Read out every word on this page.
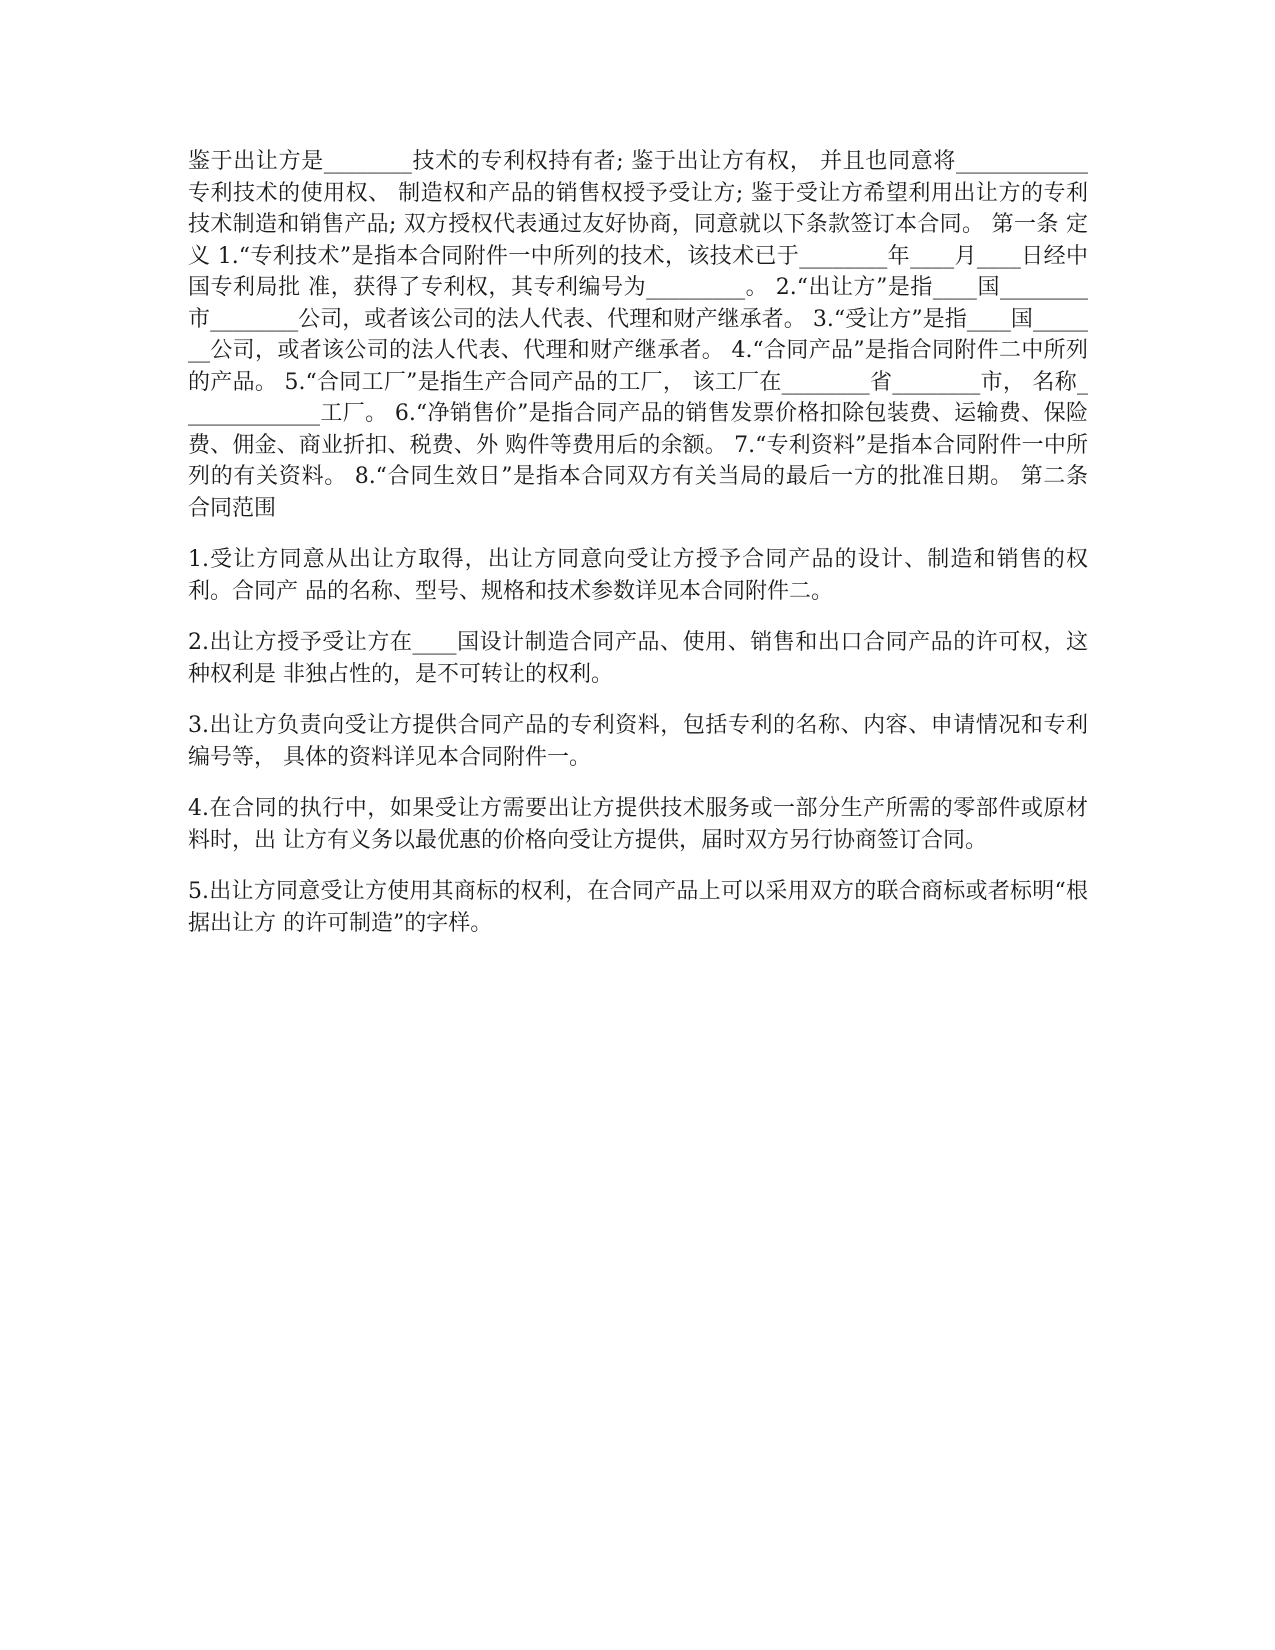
鉴于出让方是________技术的专利权持有者; 鉴于出让方有权， 并且也同意将____________专利技术的使用权、 制造权和产品的销售权授予受让方; 鉴于受让方希望利用出让方的专利技术制造和销售产品; 双方授权代表通过友好协商，同意就以下条款签订本合同。 第一条 定义 1.“专利技术”是指本合同附件一中所列的技术，该技术已于________年____月____日经中国专利局批 准，获得了专利权，其专利编号为_________。 2.“出让方”是指____国________市________公司，或者该公司的法人代表、代理和财产继承者。 3.“受让方”是指____国_______公司，或者该公司的法人代表、代理和财产继承者。 4.“合同产品”是指合同附件二中所列的产品。 5.“合同工厂”是指生产合同产品的工厂， 该工厂在________省________市， 名称_____________工厂。 6.“净销售价”是指合同产品的销售发票价格扣除包装费、运输费、保险费、佣金、商业折扣、税费、外 购件等费用后的余额。 7.“专利资料”是指本合同附件一中所列的有关资料。 8.“合同生效日”是指本合同双方有关当局的最后一方的批准日期。 第二条 合同范围

1.受让方同意从出让方取得，出让方同意向受让方授予合同产品的设计、制造和销售的权利。合同产 品的名称、型号、规格和技术参数详见本合同附件二。

2.出让方授予受让方在____国设计制造合同产品、使用、销售和出口合同产品的许可权，这种权利是 非独占性的，是不可转让的权利。

3.出让方负责向受让方提供合同产品的专利资料，包括专利的名称、内容、申请情况和专利编号等， 具体的资料详见本合同附件一。

4.在合同的执行中，如果受让方需要出让方提供技术服务或一部分生产所需的零部件或原材料时，出 让方有义务以最优惠的价格向受让方提供，届时双方另行协商签订合同。

5.出让方同意受让方使用其商标的权利，在合同产品上可以采用双方的联合商标或者标明“根据出让方 的许可制造”的字样。
